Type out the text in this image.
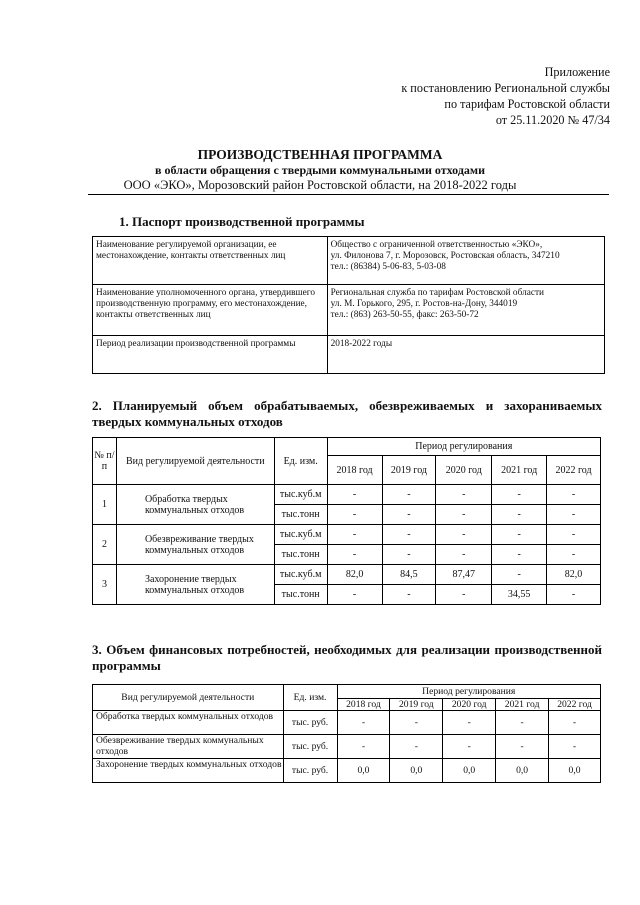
Приложение
к постановлению Региональной службы
по тарифам Ростовской области
от 25.11.2020 № 47/34
ПРОИЗВОДСТВЕННАЯ ПРОГРАММА
в области обращения с твердыми коммунальными отходами
ООО «ЭКО», Морозовский район Ростовской области, на 2018-2022 годы
1. Паспорт производственной программы
Наименование регулируемой организации, ее местонахождение, контакты ответственных лиц	Общество с ограниченной ответственностью «ЭКО»,
ул. Филонова 7, г. Морозовск, Ростовская область, 347210
тел.: (86384) 5-06-83, 5-03-08

Наименование уполномоченного органа, утвердившего производственную программу, его местонахождение, контакты ответственных лиц	Региональная служба по тарифам Ростовской области
ул. М. Горького, 295, г. Ростов-на-Дону, 344019
тел.: (863) 263-50-55, факс: 263-50-72

Период реализации производственной программы	2018-2022 годы
2. Планируемый объем обрабатываемых, обезвреживаемых и захораниваемых твердых коммунальных отходов
№ п/п	Вид регулируемой деятельности	Ед. изм.	Период регулирования				
			2018 год	2019 год	2020 год	2021 год	2022 год
1	Обработка твердых коммунальных отходов	тыс.куб.м	-	-	-	-	-
		тыс.тонн	-	-	-	-	-
2	Обезвреживание твердых коммунальных отходов	тыс.куб.м	-	-	-	-	-
		тыс.тонн	-	-	-	-	-
3	Захоронение твердых коммунальных отходов	тыс.куб.м	82,0	84,5	87,47	-	82,0
		тыс.тонн	-	-	-	34,55	-
3. Объем финансовых потребностей, необходимых для реализации производственной программы
Вид регулируемой деятельности	Ед. изм.	Период регулирования				
		2018 год	2019 год	2020 год	2021 год	2022 год
Обработка твердых коммунальных отходов	тыс. руб.	-	-	-	-	-
Обезвреживание твердых коммунальных отходов	тыс. руб.	-	-	-	-	-
Захоронение твердых коммунальных отходов	тыс. руб.	0,0	0,0	0,0	0,0	0,0
